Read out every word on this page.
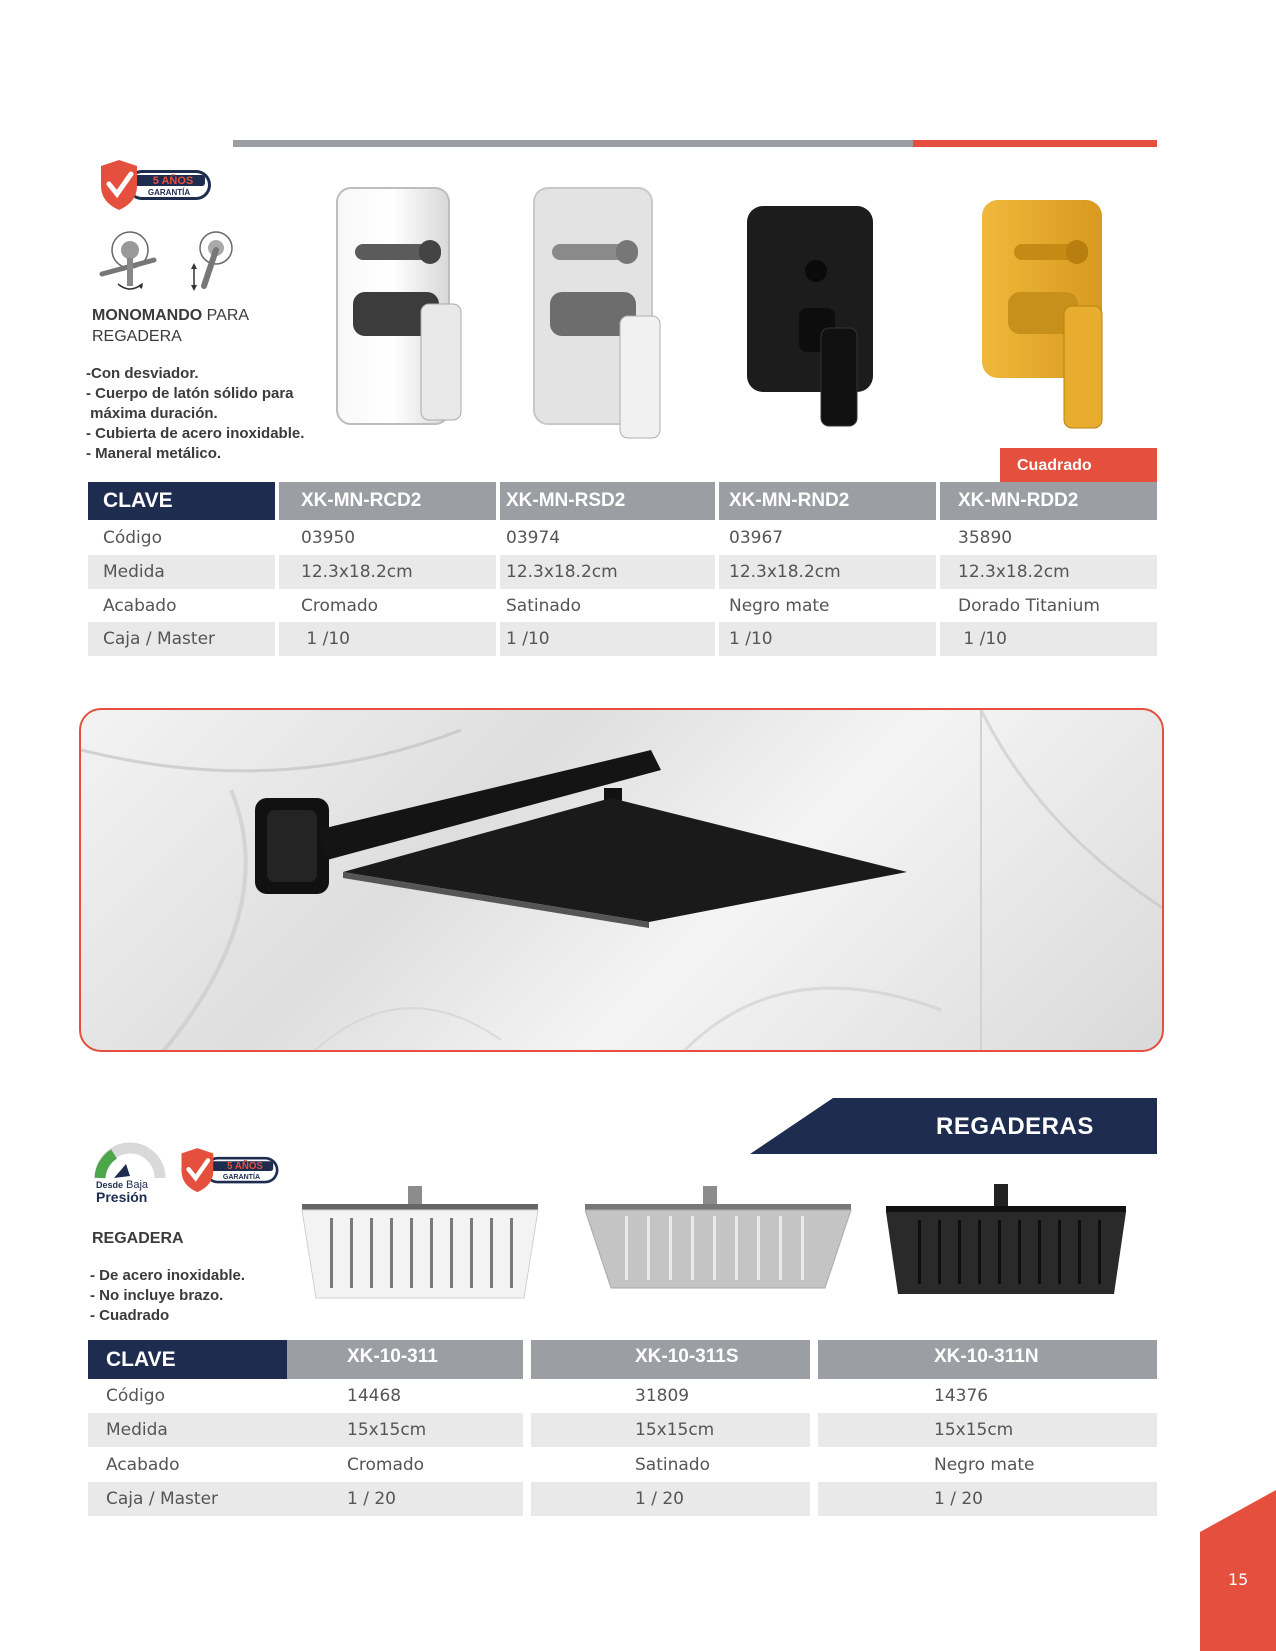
5 AÑOS
GARANTÍA
MONOMANDO PARA
REGADERA
-Con desviador.
- Cuerpo de latón sólido para
máxima duración.
- Cubierta de acero inoxidable.
- Maneral metálico.
Cuadrado
CLAVE		XK-MN-RCD2		XK-MN-RSD2		XK-MN-RND2		XK-MN-RDD2
Código		03950		03974		03967		35890
Medida		12.3x18.2cm		12.3x18.2cm		12.3x18.2cm		12.3x18.2cm
Acabado		Cromado		Satinado		Negro mate		Dorado Titanium
Caja / Master		1 /10		1 /10		1 /10		1 /10
REGADERAS
Desde Baja
Presión
5 AÑOS
GARANTÍA
REGADERA
- De acero inoxidable.
- No incluye brazo.
- Cuadrado
CLAVE	XK-10-311		XK-10-311S		XK-10-311N
Código	14468		31809		14376
Medida	15x15cm		15x15cm		15x15cm
Acabado	Cromado		Satinado		Negro mate
Caja / Master	1 / 20		1 / 20		1 / 20
15
